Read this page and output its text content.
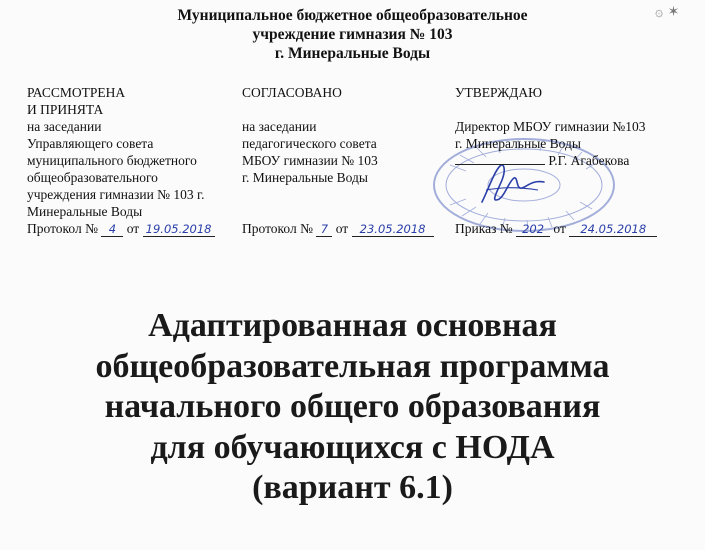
Муниципальное бюджетное общеобразовательное
учреждение гимназия № 103
г. Минеральные Воды
۞ ✶
РАССМОТРЕНА
И ПРИНЯТА
на заседании
Управляющего совета
муниципального бюджетного
общеобразовательного
учреждения гимназии № 103 г.
Минеральные Воды
Протокол № 4 от 19.05.2018
СОГЛАСОВАНО
на заседании
педагогического совета
МБОУ гимназии № 103
г. Минеральные Воды
Протокол № 7 от 23.05.2018
УТВЕРЖДАЮ
Директор МБОУ гимназии №103
г. Минеральные Воды
Р.Г. Агабекова
Приказ № 202 от 24.05.2018
Адаптированная основная
общеобразовательная программа
начального общего образования
для обучающихся с НОДА
(вариант 6.1)
